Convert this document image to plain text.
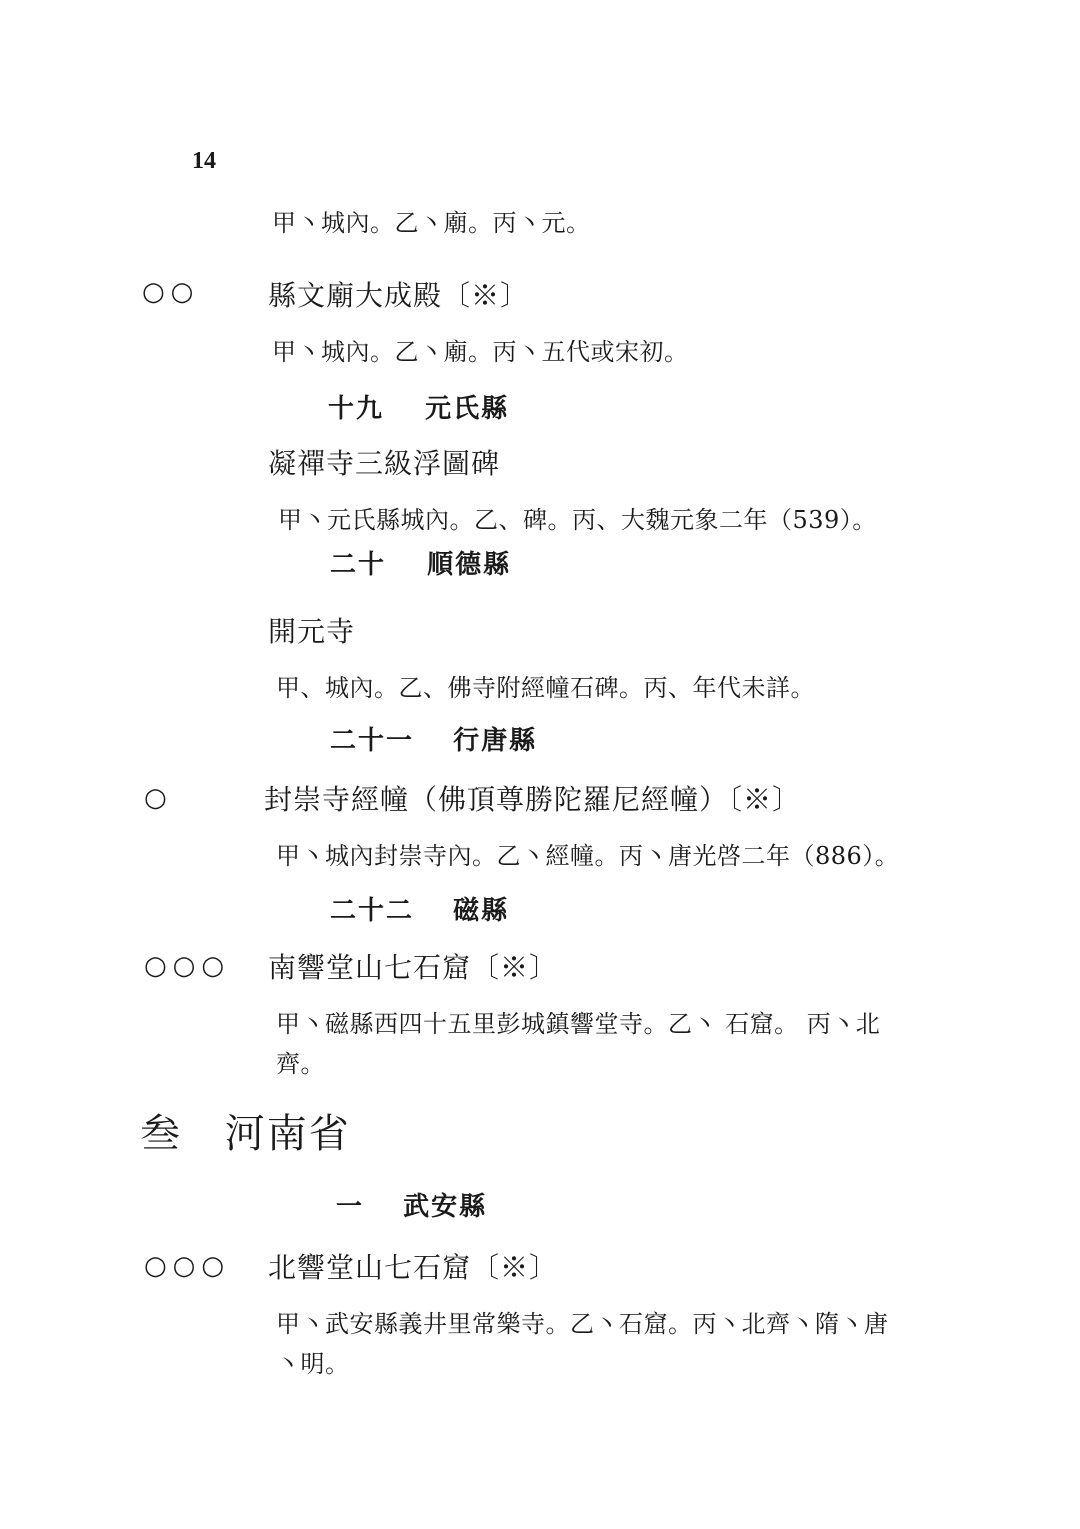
14
甲丶城內。乙丶廟。丙丶元。
○○ 縣文廟大成殿〔※〕
甲丶城內。乙丶廟。丙丶五代或宋初。
十九 元氏縣
凝禪寺三級浮圖碑
甲丶元氏縣城內。乙、碑。丙、大魏元象二年（539）。
二十 順德縣
開元寺
甲、城內。乙、佛寺附經幢石碑。丙、年代未詳。
二十一 行唐縣
○	封崇寺經幢（佛頂尊勝陀羅尼經幢）〔※〕
甲丶城內封崇寺內。乙丶經幢。丙丶唐光啓二年（886）。
二十二 磁縣
○○○ 南響堂山七石窟〔※〕
甲丶磁縣西四十五里彭城鎮響堂寺。乙丶 石窟。 丙丶北
齊。
叁 河南省
一 武安縣
○○○ 北響堂山七石窟〔※〕
甲丶武安縣義井里常樂寺。乙丶石窟。丙丶北齊丶隋丶唐
丶明。
